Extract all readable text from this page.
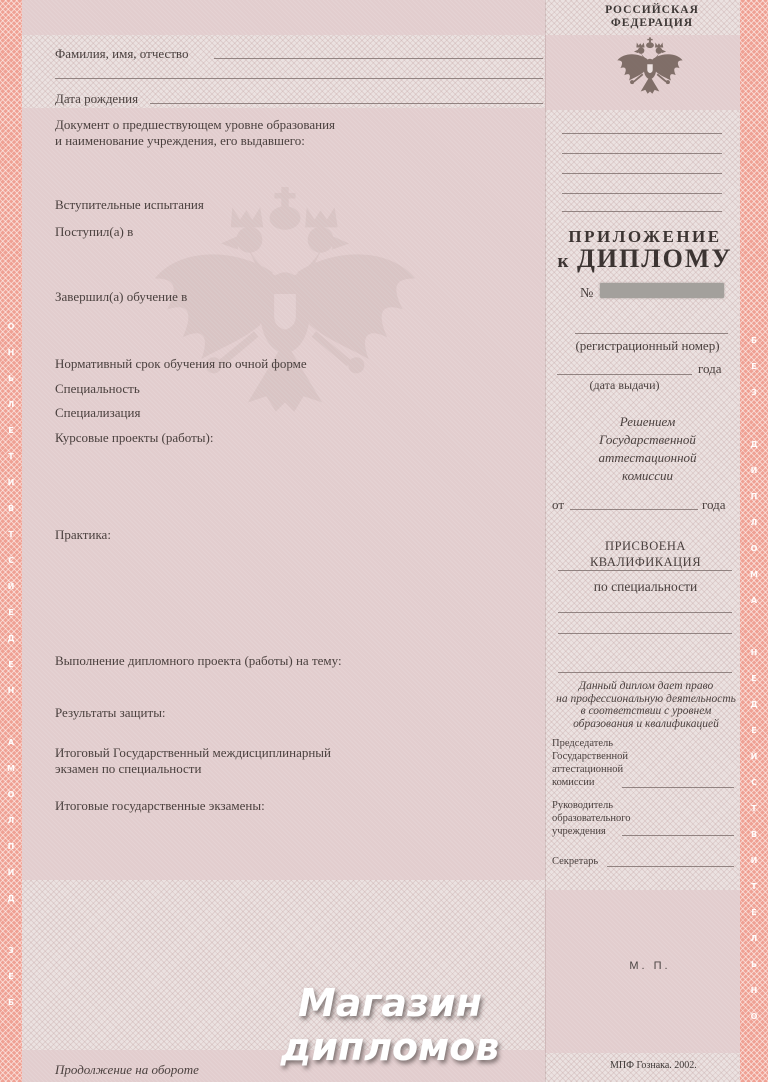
ОНЬЛЕТИВТСЙЕДЕН АМОЛПИД ЗЕБ	БЕЗ ДИПЛОМА НЕДЕЙСТВИТЕЛЬНО
Фамилия, имя, отчество
Дата рождения
Документ о предшествующем уровне образования
и наименование учреждения, его выдавшего:
Вступительные испытания
Поступил(а) в
Завершил(а) обучение в
Нормативный срок обучения по очной форме
Специальность
Специализация
Курсовые проекты (работы):
Практика:
Выполнение дипломного проекта (работы) на тему:
Результаты защиты:
Итоговый Государственный междисциплинарный
экзамен по специальности
Итоговые государственные экзамены:
Продолжение на обороте
РОССИЙСКАЯ
ФЕДЕРАЦИЯ
ПРИЛОЖЕНИЕ
к ДИПЛОМУ
№
(регистрационный номер)
года
(дата выдачи)
Решением
Государственной
аттестационной
комиссии
от	года
ПРИСВОЕНА КВАЛИФИКАЦИЯ
по специальности
Данный диплом дает право
на профессиональную деятельность
в соответствии с уровнем
образования и квалификацией
Председатель
Государственной
аттестационной
комиссии
Руководитель
образовательного
учреждения
Секретарь
М. П.
МПФ Гознака. 2002.
Магазин
дипломов
